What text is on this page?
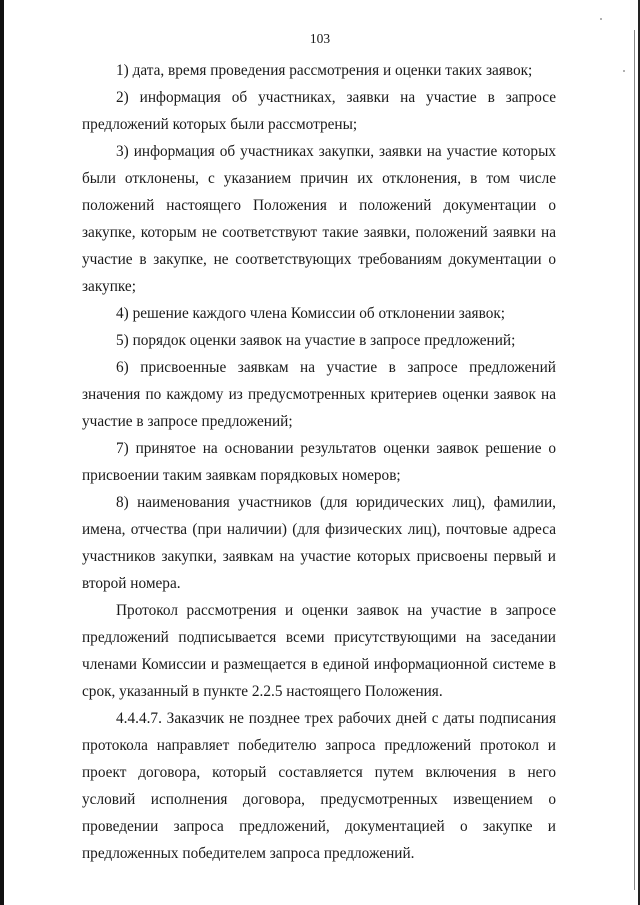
103

1) дата, время проведения рассмотрения и оценки таких заявок;

2) информация об участниках, заявки на участие в запросе предложений которых были рассмотрены;

3) информация об участниках закупки, заявки на участие которых были отклонены, с указанием причин их отклонения, в том числе положений настоящего Положения и положений документации о закупке, которым не соответствуют такие заявки, положений заявки на участие в закупке, не соответствующих требованиям документации о закупке;

4) решение каждого члена Комиссии об отклонении заявок;

5) порядок оценки заявок на участие в запросе предложений;

6) присвоенные заявкам на участие в запросе предложений значения по каждому из предусмотренных критериев оценки заявок на участие в запросе предложений;

7) принятое на основании результатов оценки заявок решение о присвоении таким заявкам порядковых номеров;

8) наименования участников (для юридических лиц), фамилии, имена, отчества (при наличии) (для физических лиц), почтовые адреса участников закупки, заявкам на участие которых присвоены первый и второй номера.

Протокол рассмотрения и оценки заявок на участие в запросе предложений подписывается всеми присутствующими на заседании членами Комиссии и размещается в единой информационной системе в срок, указанный в пункте 2.2.5 настоящего Положения.

4.4.4.7. Заказчик не позднее трех рабочих дней с даты подписания протокола направляет победителю запроса предложений протокол и проект договора, который составляется путем включения в него условий исполнения договора, предусмотренных извещением о проведении запроса предложений, документацией о закупке и предложенных победителем запроса предложений.
